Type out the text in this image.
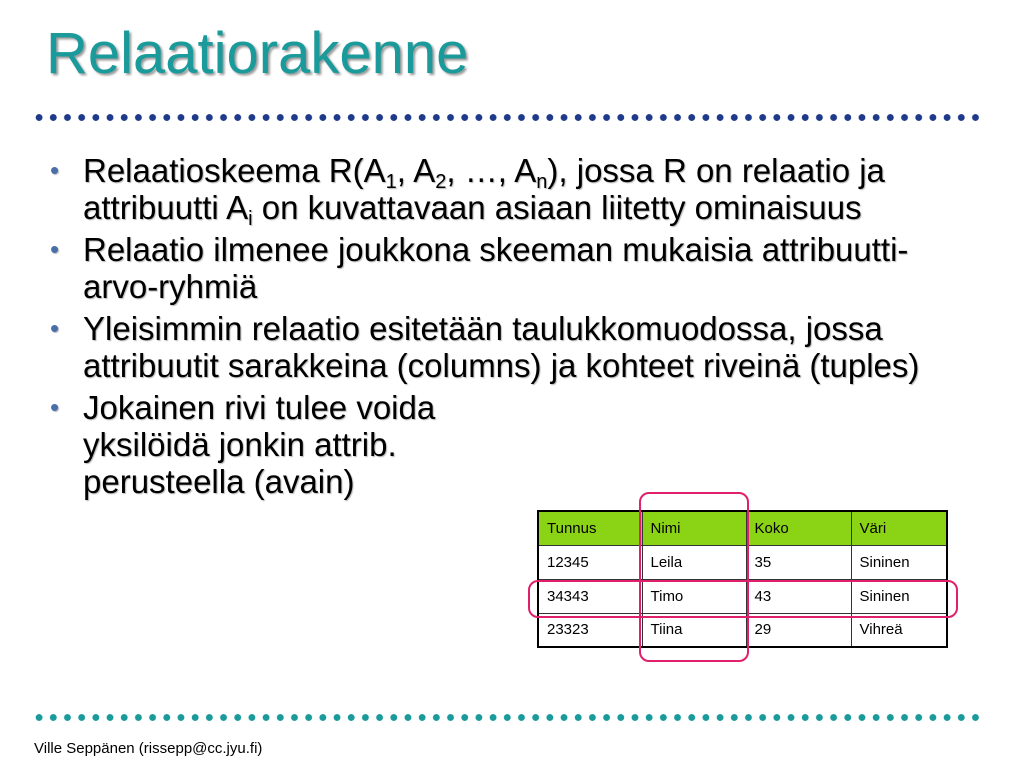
Relaatiorakenne
• Relaatioskeema $R(A_1$, $A_2$, …, $A_n$), jossa R on relaatio ja attribuutti $A_i$ on kuvattavaan asiaan liitetty ominaisuus
• Relaatio ilmenee joukkona skeeman mukaisia attribuutti-arvo-ryhmiä
• Yleisimmin relaatio esitetään taulukkomuodossa, jossa attribuutit sarakkeina (columns) ja kohteet riveinä (tuples)
• Jokainen rivi tulee voida yksilöidä jonkin attrib. perusteella (avain)
Tunnus	Nimi	Koko	Väri
12345	Leila	35	Sininen
34343	Timo	43	Sininen
23323	Tiina	29	Vihreä
Ville Seppänen (rissepp@cc.jyu.fi)
